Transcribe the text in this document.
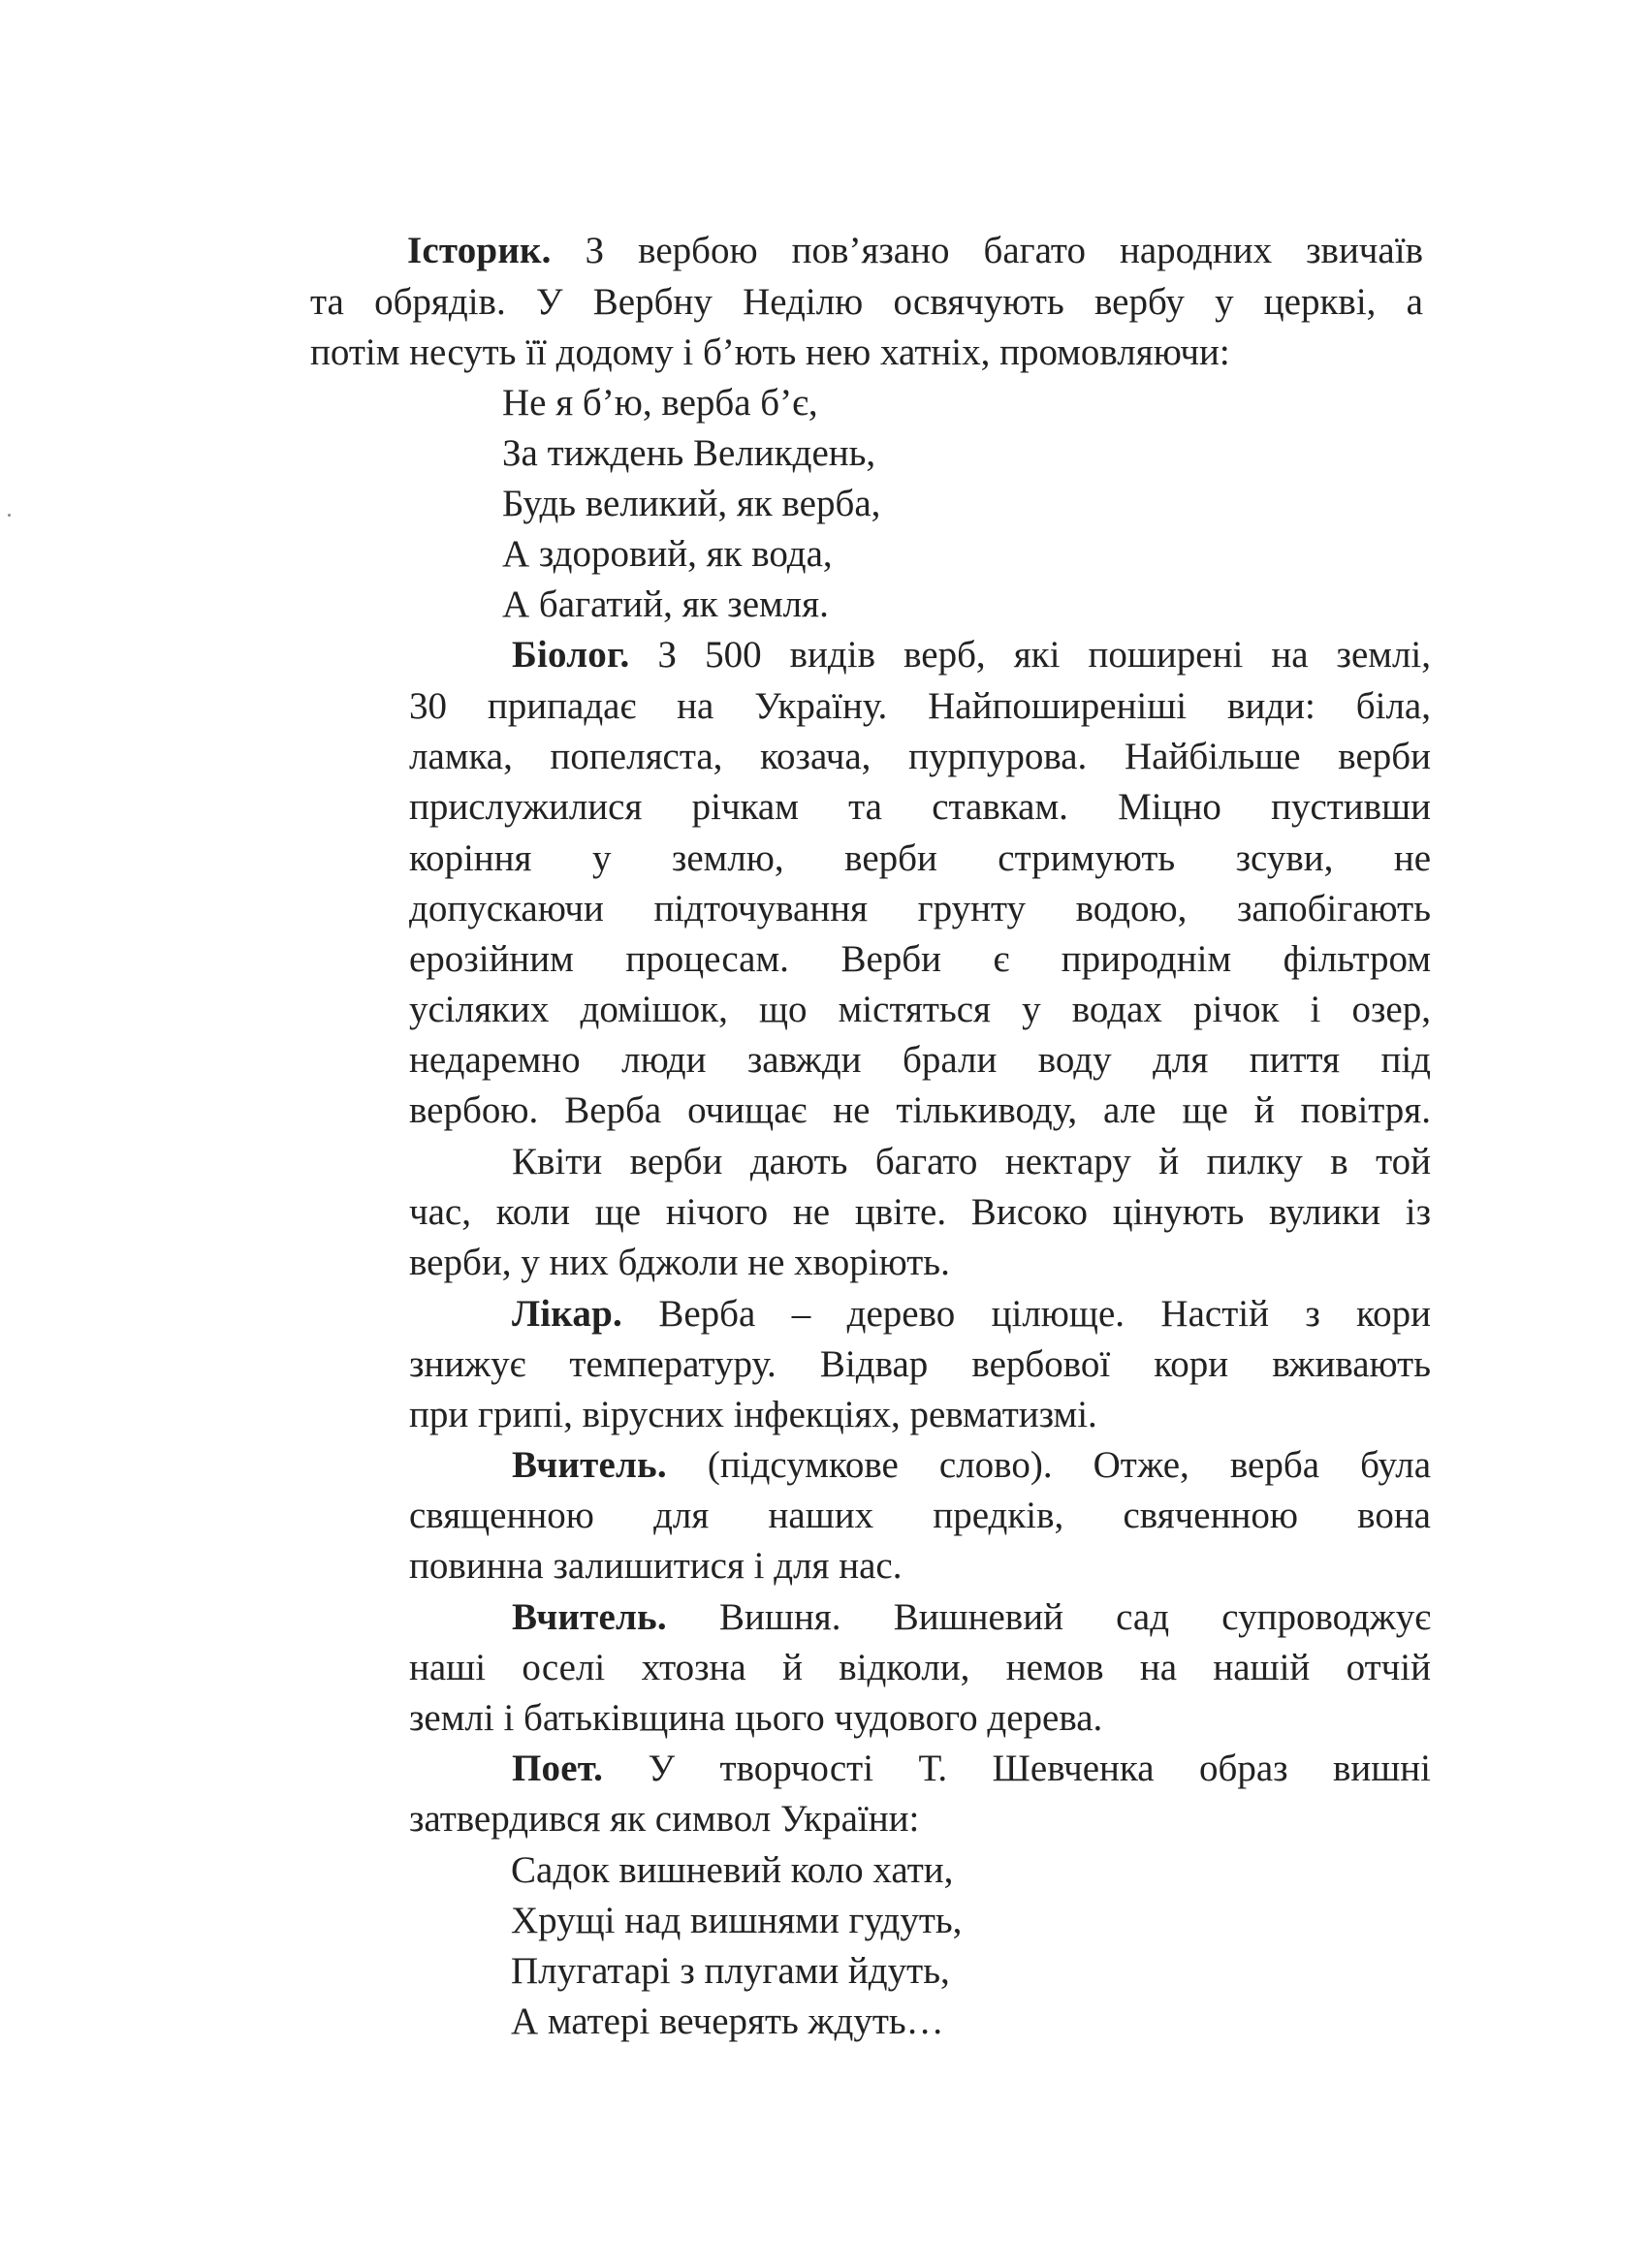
Історик. З вербою пов’язано багато народних звичаїв

та обрядів. У Вербну Неділю освячують вербу у церкві, а

потім несуть її додому і б’ють нею хатніх, промовляючи:

Не я б’ю, верба б’є,

За тиждень Великдень,

Будь великий, як верба,

А здоровий, як вода,

А багатий, як земля.

Біолог. З 500 видів верб, які поширені на землі,

30 припадає на Україну. Найпоширеніші види: біла,

ламка, попеляста, козача, пурпурова. Найбільше верби

прислужилися річкам та ставкам. Міцно пустивши

коріння у землю, верби стримують зсуви, не

допускаючи підточування грунту водою, запобігають

ерозійним процесам. Верби є природнім фільтром

усіляких домішок, що містяться у водах річок і озер,

недаремно люди завжди брали воду для пиття під

вербою. Верба очищає не тількиводу, але ще й повітря.

Квіти верби дають багато нектару й пилку в той

час, коли ще нічого не цвіте. Високо цінують вулики із

верби, у них бджоли не хворіють.

Лікар. Верба – дерево цілюще. Настій з кори

знижує температуру. Відвар вербової кори вживають

при грипі, вірусних інфекціях, ревматизмі.

Вчитель. (підсумкове слово). Отже, верба була

священною для наших предків, свяченною вона

повинна залишитися і для нас.

Вчитель. Вишня. Вишневий сад супроводжує

наші оселі хтозна й відколи, немов на нашій отчій

землі і батьківщина цього чудового дерева.

Поет. У творчості Т. Шевченка образ вишні

затвердився як символ України:

Садок вишневий коло хати,

Хрущі над вишнями гудуть,

Плугатарі з плугами йдуть,

А матері вечерять ждуть…
